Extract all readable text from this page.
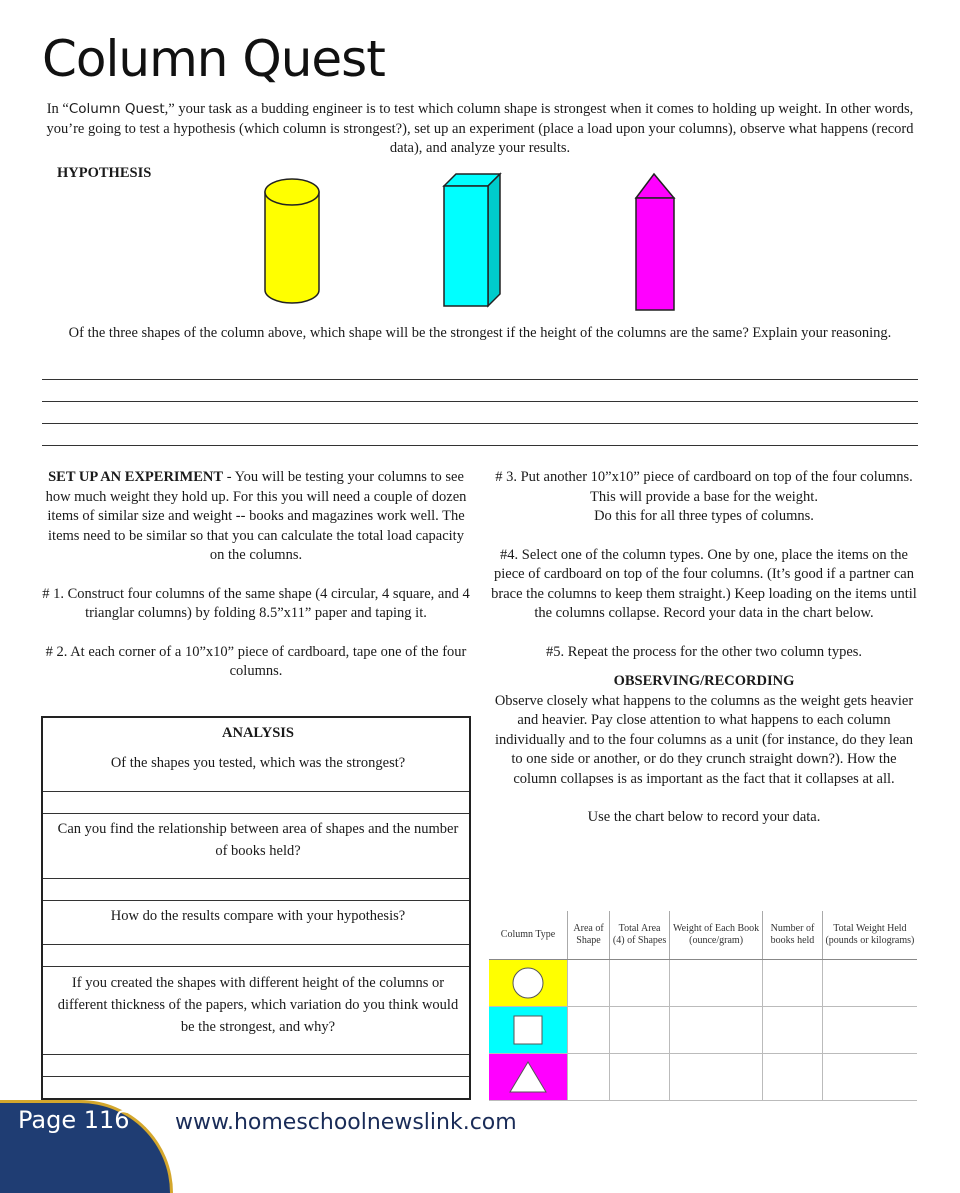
Column Quest
In “Column Quest,” your task as a budding engineer is to test which column shape is strongest when it comes to holding up weight. In other words, you’re going to test a hypothesis (which column is strongest?), set up an experiment (place a load upon your columns), observe what happens (record data), and analyze your results.
HYPOTHESIS
Of the three shapes of the column above, which shape will be the strongest if the height of the columns are the same? Explain your reasoning.

SET UP AN EXPERIMENT - You will be testing your columns to see how much weight they hold up. For this you will need a couple of dozen items of similar size and weight -- books and magazines work well. The items need to be similar so that you can calculate the total load capacity on the columns.

# 1. Construct four columns of the same shape (4 circular, 4 square, and 4 trianglar columns) by folding 8.5”x11” paper and taping it.

# 2. At each corner of a 10”x10” piece of cardboard, tape one of the four columns.

# 3. Put another 10”x10” piece of cardboard on top of the four columns. This will provide a base for the weight.

Do this for all three types of columns.

#4. Select one of the column types. One by one, place the items on the piece of cardboard on top of the four columns. (It’s good if a partner can brace the columns to keep them straight.) Keep loading on the items until the columns collapse. Record your data in the chart below.

#5. Repeat the process for the other two column types.

OBSERVING/RECORDING

Observe closely what happens to the columns as the weight gets heavier and heavier. Pay close attention to what happens to each column individually and to the four columns as a unit (for instance, do they lean to one side or another, or do they crunch straight down?). How the column collapses is as important as the fact that it collapses at all.

Use the chart below to record your data.

ANALYSIS
Of the shapes you tested, which was the strongest?
Can you find the relationship between area of shapes and the number of books held?
How do the results compare with your hypothesis?
If you created the shapes with different height of the columns or different thickness of the papers, which variation do you think would be the strongest, and why?
Column Type	Area of Shape	Total Area (4) of Shapes	Weight of Each Book (ounce/gram)	Number of books held	Total Weight Held (pounds or kilograms)

Page 116 www.homeschoolnewslink.com
